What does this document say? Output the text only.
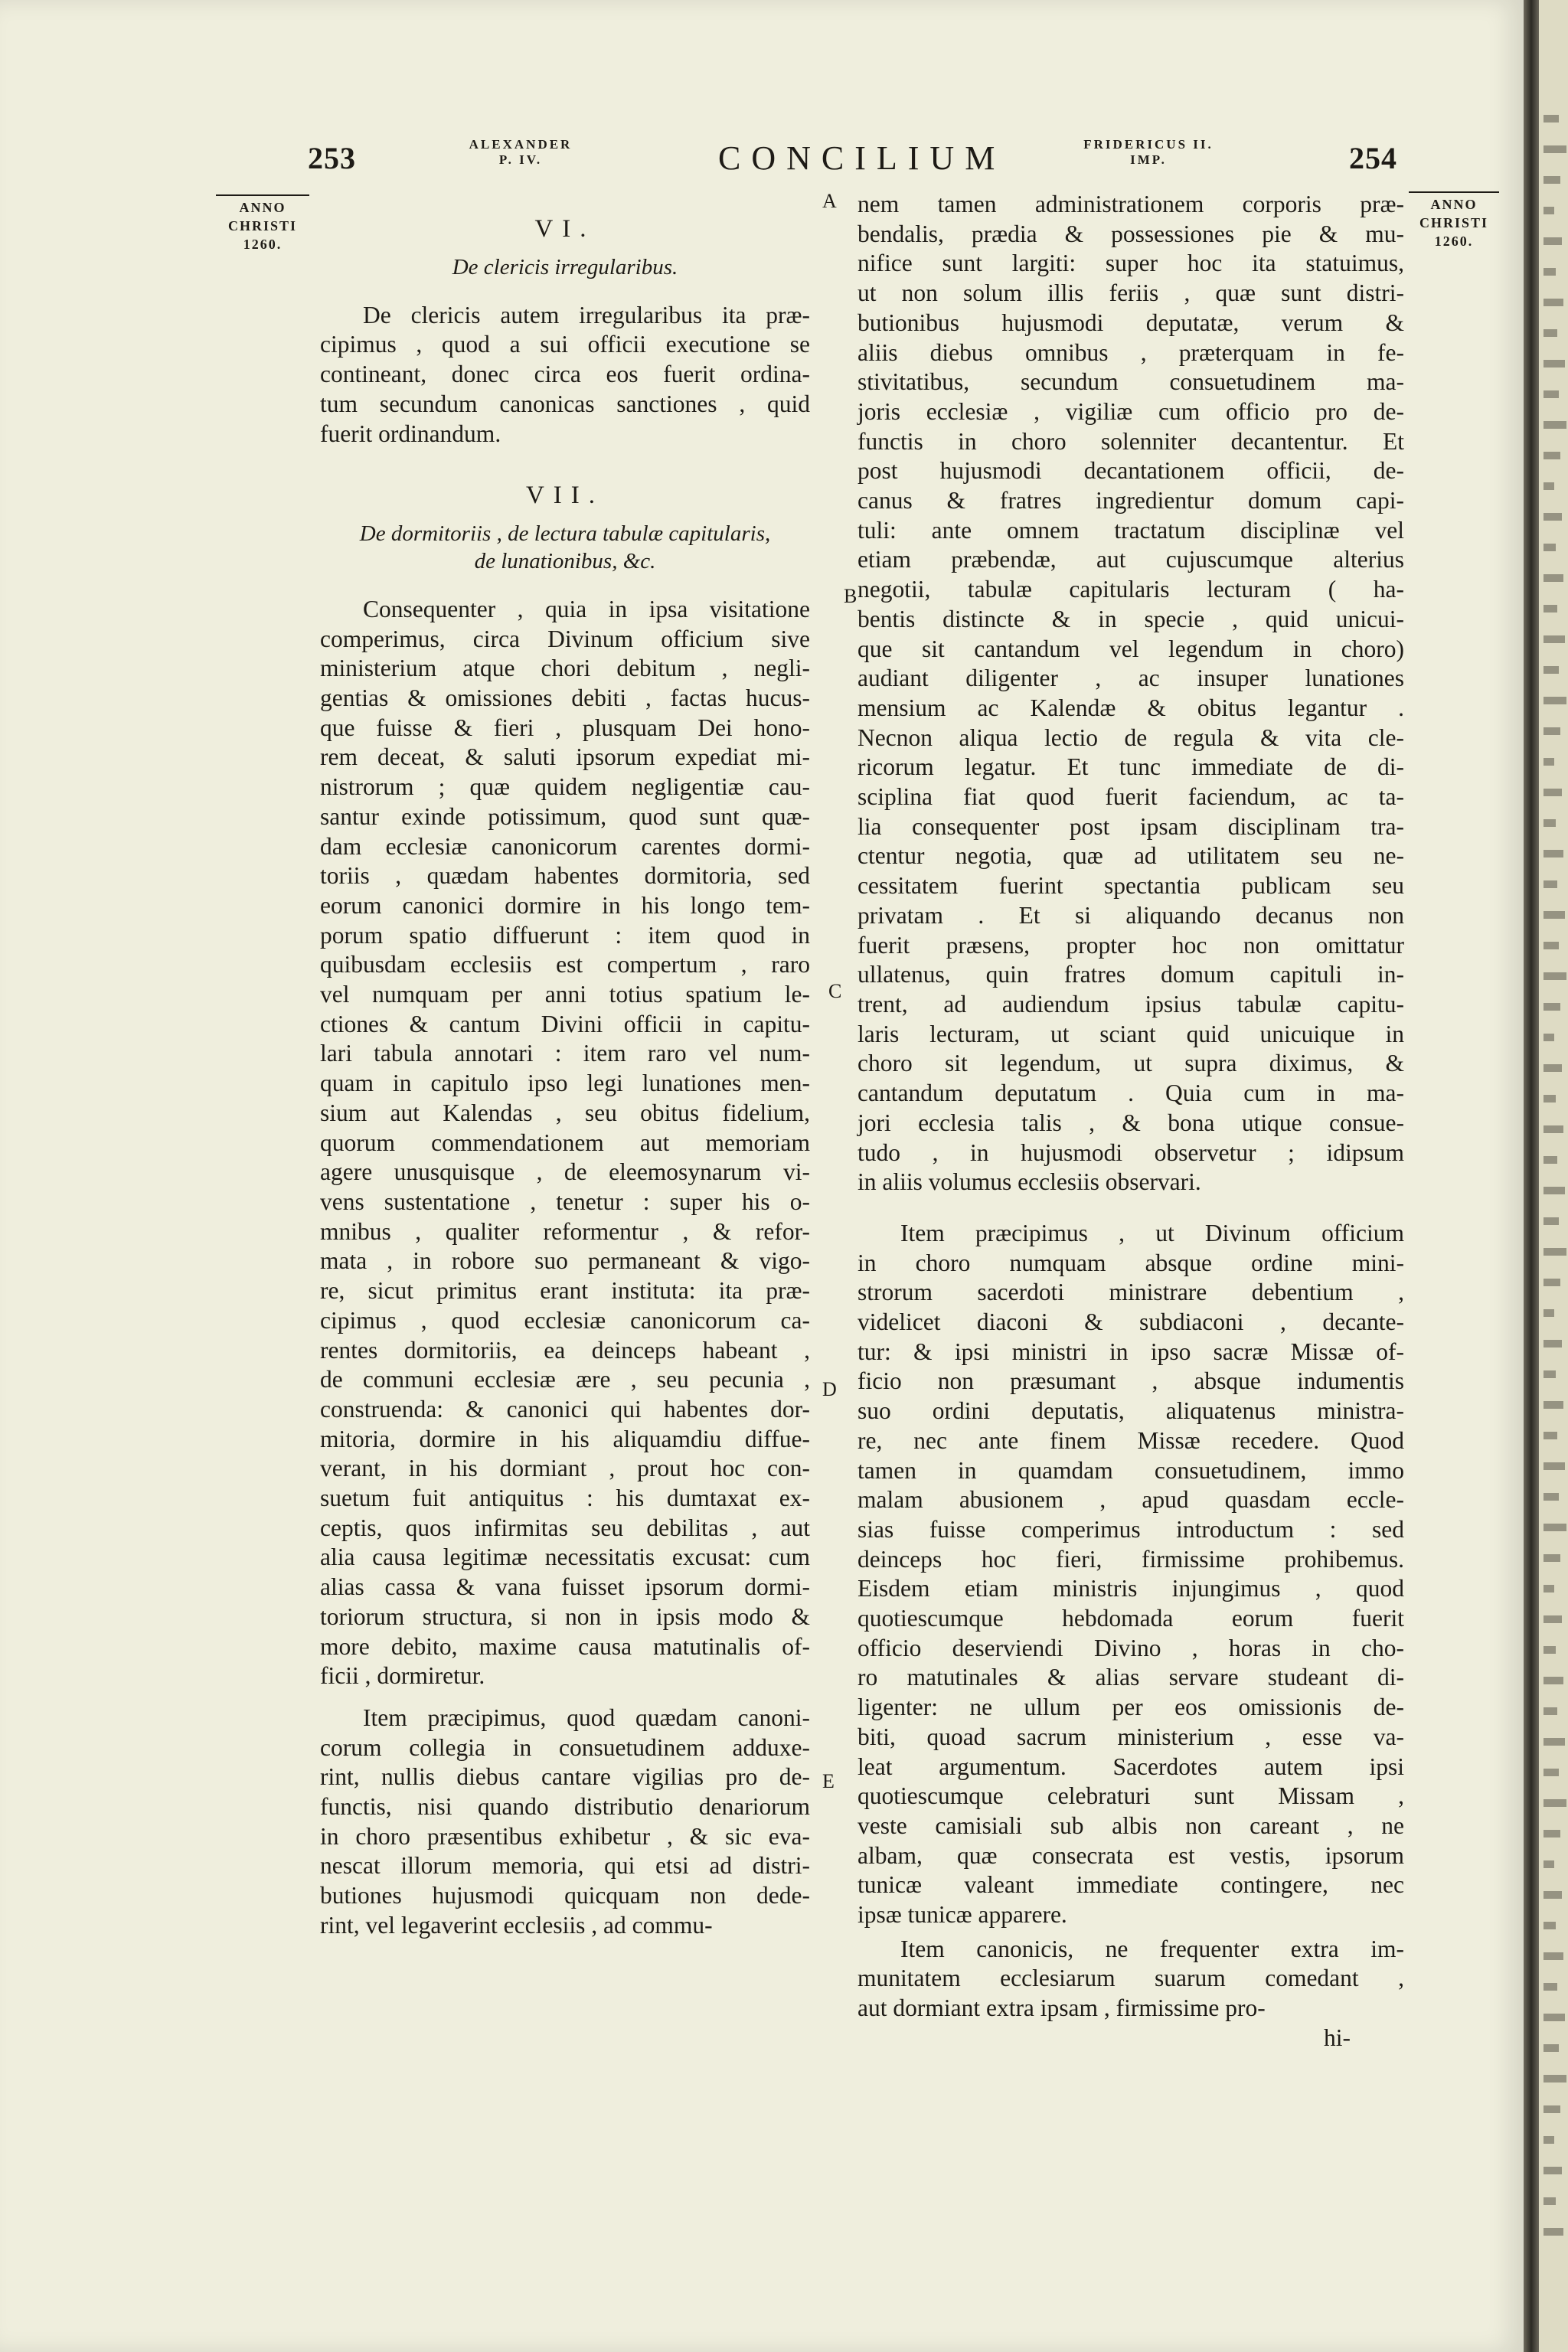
253	ALEXANDER
P. IV.	CONCILIUM	FRIDERICUS II.
IMP.	254
ANNO
CHRISTI
1260.
ANNO
CHRISTI
1260.
A
B
C
D
E
VI.
De clericis irregularibus.
De clericis autem irregularibus ita præ-
cipimus , quod a sui officii executione se
contineant, donec circa eos fuerit ordina-
tum secundum canonicas sanctiones , quid
fuerit ordinandum.
VII.
De dormitoriis , de lectura tabulæ capitularis,
de lunationibus, &c.
Consequenter , quia in ipsa visitatione
comperimus, circa Divinum officium sive
ministerium atque chori debitum , negli-
gentias & omissiones debiti , factas hucus-
que fuisse & fieri , plusquam Dei hono-
rem deceat, & saluti ipsorum expediat mi-
nistrorum ; quæ quidem negligentiæ cau-
santur exinde potissimum, quod sunt quæ-
dam ecclesiæ canonicorum carentes dormi-
toriis , quædam habentes dormitoria, sed
eorum canonici dormire in his longo tem-
porum spatio diffuerunt : item quod in
quibusdam ecclesiis est compertum , raro
vel numquam per anni totius spatium le-
ctiones & cantum Divini officii in capitu-
lari tabula annotari : item raro vel num-
quam in capitulo ipso legi lunationes men-
sium aut Kalendas , seu obitus fidelium,
quorum commendationem aut memoriam
agere unusquisque , de eleemosynarum vi-
vens sustentatione , tenetur : super his o-
mnibus , qualiter reformentur , & refor-
mata , in robore suo permaneant & vigo-
re, sicut primitus erant instituta: ita præ-
cipimus , quod ecclesiæ canonicorum ca-
rentes dormitoriis, ea deinceps habeant ,
de communi ecclesiæ ære , seu pecunia ,
construenda: & canonici qui habentes dor-
mitoria, dormire in his aliquamdiu diffue-
verant, in his dormiant , prout hoc con-
suetum fuit antiquitus : his dumtaxat ex-
ceptis, quos infirmitas seu debilitas , aut
alia causa legitimæ necessitatis excusat: cum
alias cassa & vana fuisset ipsorum dormi-
toriorum structura, si non in ipsis modo &
more debito, maxime causa matutinalis of-
ficii , dormiretur.
Item præcipimus, quod quædam canoni-
corum collegia in consuetudinem adduxe-
rint, nullis diebus cantare vigilias pro de-
functis, nisi quando distributio denariorum
in choro præsentibus exhibetur , & sic eva-
nescat illorum memoria, qui etsi ad distri-
butiones hujusmodi quicquam non dede-
rint, vel legaverint ecclesiis , ad commu-
nem tamen administrationem corporis præ-
bendalis, prædia & possessiones pie & mu-
nifice sunt largiti: super hoc ita statuimus,
ut non solum illis feriis , quæ sunt distri-
butionibus hujusmodi deputatæ, verum &
aliis diebus omnibus , præterquam in fe-
stivitatibus, secundum consuetudinem ma-
joris ecclesiæ , vigiliæ cum officio pro de-
functis in choro solenniter decantentur. Et
post hujusmodi decantationem officii, de-
canus & fratres ingredientur domum capi-
tuli: ante omnem tractatum disciplinæ vel
etiam præbendæ, aut cujuscumque alterius
negotii, tabulæ capitularis lecturam ( ha-
bentis distincte & in specie , quid unicui-
que sit cantandum vel legendum in choro)
audiant diligenter , ac insuper lunationes
mensium ac Kalendæ & obitus legantur .
Necnon aliqua lectio de regula & vita cle-
ricorum legatur. Et tunc immediate de di-
sciplina fiat quod fuerit faciendum, ac ta-
lia consequenter post ipsam disciplinam tra-
ctentur negotia, quæ ad utilitatem seu ne-
cessitatem fuerint spectantia publicam seu
privatam . Et si aliquando decanus non
fuerit præsens, propter hoc non omittatur
ullatenus, quin fratres domum capituli in-
trent, ad audiendum ipsius tabulæ capitu-
laris lecturam, ut sciant quid unicuique in
choro sit legendum, ut supra diximus, &
cantandum deputatum . Quia cum in ma-
jori ecclesia talis , & bona utique consue-
tudo , in hujusmodi observetur ; idipsum
in aliis volumus ecclesiis observari.
Item præcipimus , ut Divinum officium
in choro numquam absque ordine mini-
strorum sacerdoti ministrare debentium ,
videlicet diaconi & subdiaconi , decante-
tur: & ipsi ministri in ipso sacræ Missæ of-
ficio non præsumant , absque indumentis
suo ordini deputatis, aliquatenus ministra-
re, nec ante finem Missæ recedere. Quod
tamen in quamdam consuetudinem, immo
malam abusionem , apud quasdam eccle-
sias fuisse comperimus introductum : sed
deinceps hoc fieri, firmissime prohibemus.
Eisdem etiam ministris injungimus , quod
quotiescumque hebdomada eorum fuerit
officio deserviendi Divino , horas in cho-
ro matutinales & alias servare studeant di-
ligenter: ne ullum per eos omissionis de-
biti, quoad sacrum ministerium , esse va-
leat argumentum. Sacerdotes autem ipsi
quotiescumque celebraturi sunt Missam ,
veste camisiali sub albis non careant , ne
albam, quæ consecrata est vestis, ipsorum
tunicæ valeant immediate contingere, nec
ipsæ tunicæ apparere.
Item canonicis, ne frequenter extra im-
munitatem ecclesiarum suarum comedant ,
aut dormiant extra ipsam , firmissime pro-
hi-
